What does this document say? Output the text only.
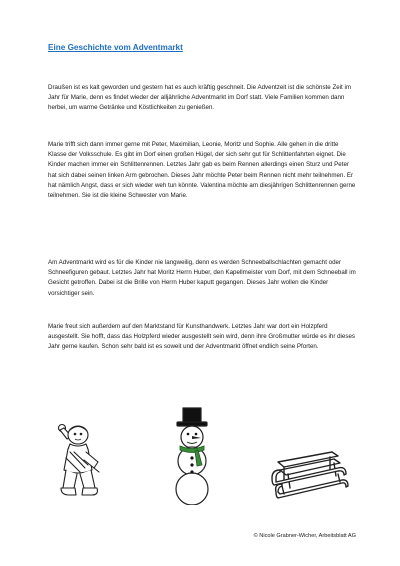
Eine Geschichte vom Adventmarkt

Draußen ist es kalt geworden und gestern hat es auch kräftig geschneit. Die Adventzeit ist die schönste Zeit im Jahr für Marie, denn es findet wieder der alljährliche Adventmarkt im Dorf statt. Viele Familien kommen dann herbei, um warme Getränke und Köstlichkeiten zu genießen.

Marie trifft sich dann immer gerne mit Peter, Maximilian, Leonie, Moritz und Sophie. Alle gehen in die dritte Klasse der Volksschule. Es gibt im Dorf einen großen Hügel, der sich sehr gut für Schlittenfahrten eignet. Die Kinder machen immer ein Schlittenrennen. Letztes Jahr gab es beim Rennen allerdings einen Sturz und Peter hat sich dabei seinen linken Arm gebrochen. Dieses Jahr möchte Peter beim Rennen nicht mehr teilnehmen. Er hat nämlich Angst, dass er sich wieder weh tun könnte. Valentina möchte am diesjährigen Schlittenrennen gerne teilnehmen. Sie ist die kleine Schwester von Marie.

Am Adventmarkt wird es für die Kinder nie langweilig, denn es werden Schneeballschlachten gemacht oder Schneefiguren gebaut. Letztes Jahr hat Moritz Herrn Huber, den Kapellmeister vom Dorf, mit dem Schneeball im Gesicht getroffen. Dabei ist die Brille von Herrn Huber kaputt gegangen. Dieses Jahr wollen die Kinder vorsichtiger sein.

Marie freut sich außerdem auf den Marktstand für Kunsthandwerk. Letztes Jahr war dort ein Holzpferd ausgestellt. Sie hofft, dass das Holzpferd wieder ausgestellt sein wird, denn ihre Großmutter würde es ihr dieses Jahr gerne kaufen. Schon sehr bald ist es soweit und der Adventmarkt öffnet endlich seine Pforten.

© Nicole Grabner-Wicher, Arbeitsblatt AG
